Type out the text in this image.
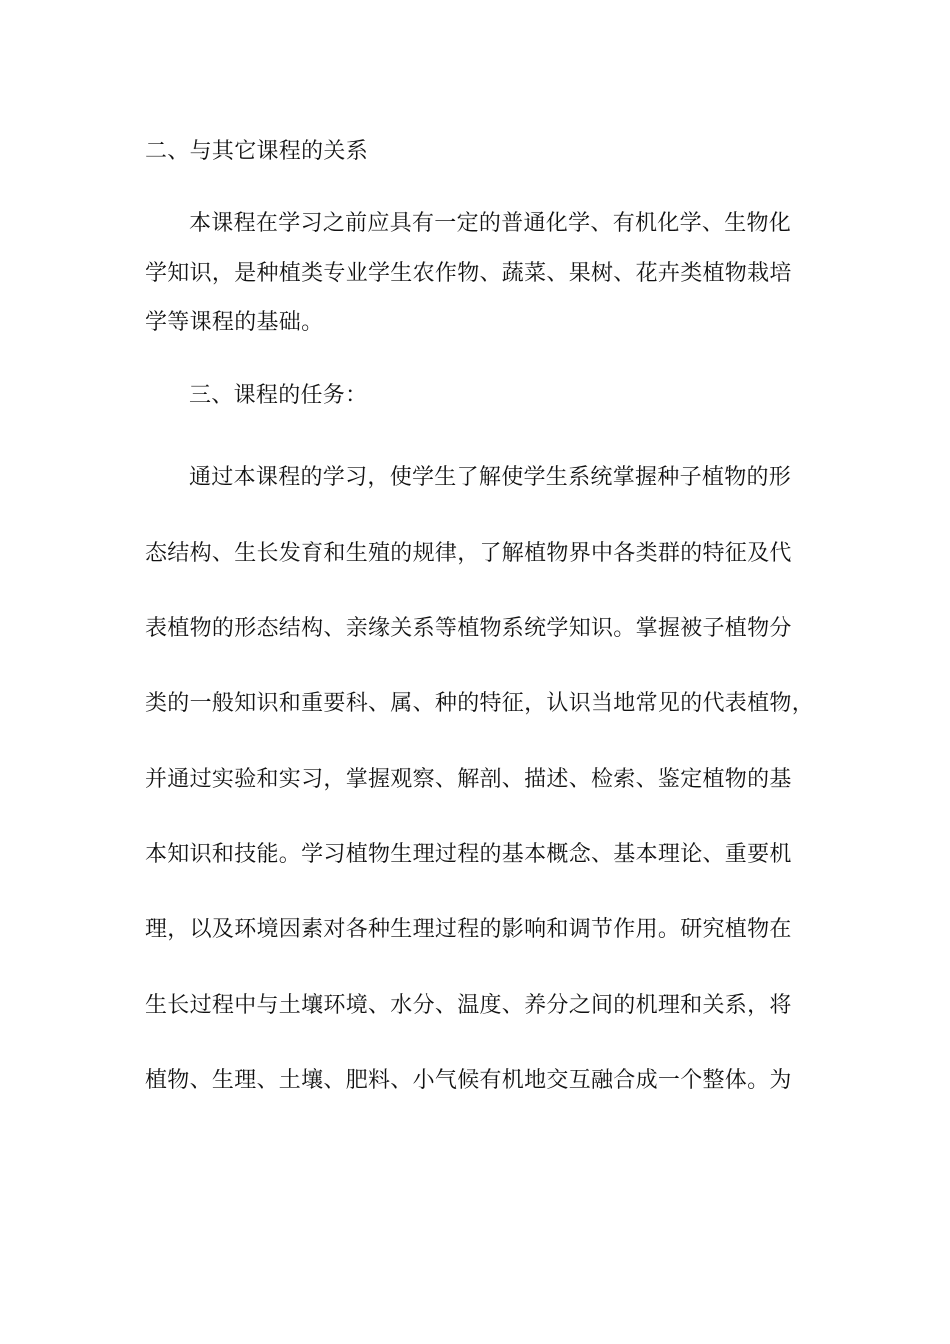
二、与其它课程的关系
本课程在学习之前应具有一定的普通化学、有机化学、生物化
学知识，是种植类专业学生农作物、蔬菜、果树、花卉类植物栽培
学等课程的基础。
三、课程的任务：
通过本课程的学习，使学生了解使学生系统掌握种子植物的形
态结构、生长发育和生殖的规律，了解植物界中各类群的特征及代
表植物的形态结构、亲缘关系等植物系统学知识。掌握被子植物分
类的一般知识和重要科、属、种的特征，认识当地常见的代表植物，
并通过实验和实习，掌握观察、解剖、描述、检索、鉴定植物的基
本知识和技能。学习植物生理过程的基本概念、基本理论、重要机
理，以及环境因素对各种生理过程的影响和调节作用。研究植物在
生长过程中与土壤环境、水分、温度、养分之间的机理和关系，将
植物、生理、土壤、肥料、小气候有机地交互融合成一个整体。为
